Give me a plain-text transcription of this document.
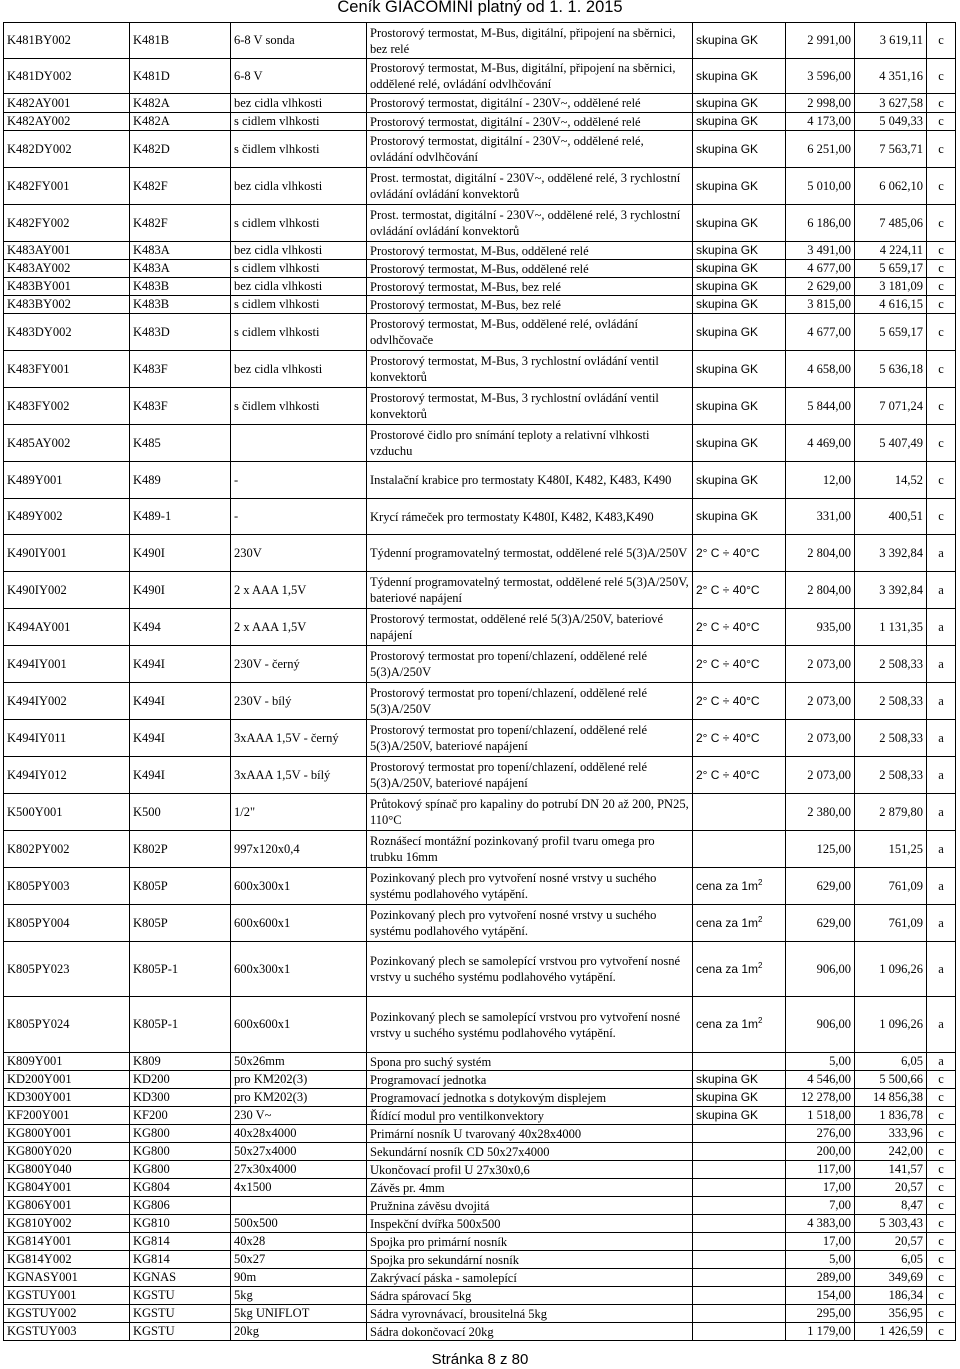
Ceník GIACOMINI platný od 1. 1. 2015
K481BY002	K481B	6-8 V sonda	Prostorový termostat, M-Bus, digitální, připojení na sběrnici, bez relé	skupina GK	2 991,00	3 619,11	c
K481DY002	K481D	6-8 V	Prostorový termostat, M-Bus, digitální, připojení na sběrnici, oddělené relé, ovládání odvlhčování	skupina GK	3 596,00	4 351,16	c
K482AY001	K482A	bez cidla vlhkosti	Prostorový termostat, digitální - 230V~, oddělené relé	skupina GK	2 998,00	3 627,58	c
K482AY002	K482A	s cidlem vlhkosti	Prostorový termostat, digitální - 230V~, oddělené relé	skupina GK	4 173,00	5 049,33	c
K482DY002	K482D	s čidlem vlhkosti	Prostorový termostat, digitální - 230V~, oddělené relé, ovládání odvlhčování	skupina GK	6 251,00	7 563,71	c
K482FY001	K482F	bez cidla vlhkosti	Prost. termostat, digitální - 230V~, oddělené relé, 3 rychlostní ovládání ovládání konvektorů	skupina GK	5 010,00	6 062,10	c
K482FY002	K482F	s cidlem vlhkosti	Prost. termostat, digitální - 230V~, oddělené relé, 3 rychlostní ovládání ovládání konvektorů	skupina GK	6 186,00	7 485,06	c
K483AY001	K483A	bez cidla vlhkosti	Prostorový termostat, M-Bus, oddělené relé	skupina GK	3 491,00	4 224,11	c
K483AY002	K483A	s cidlem vlhkosti	Prostorový termostat, M-Bus, oddělené relé	skupina GK	4 677,00	5 659,17	c
K483BY001	K483B	bez cidla vlhkosti	Prostorový termostat, M-Bus, bez relé	skupina GK	2 629,00	3 181,09	c
K483BY002	K483B	s cidlem vlhkosti	Prostorový termostat, M-Bus, bez relé	skupina GK	3 815,00	4 616,15	c
K483DY002	K483D	s cidlem vlhkosti	Prostorový termostat, M-Bus, oddělené relé, ovládání odvlhčovače	skupina GK	4 677,00	5 659,17	c
K483FY001	K483F	bez cidla vlhkosti	Prostorový termostat, M-Bus, 3 rychlostní ovládání ventil konvektorů	skupina GK	4 658,00	5 636,18	c
K483FY002	K483F	s čidlem vlhkosti	Prostorový termostat, M-Bus, 3 rychlostní ovládání ventil konvektorů	skupina GK	5 844,00	7 071,24	c
K485AY002	K485		Prostorové čidlo pro snímání teploty a relativní vlhkosti vzduchu	skupina GK	4 469,00	5 407,49	c
K489Y001	K489	-	Instalační krabice pro termostaty K480I, K482, K483, K490	skupina GK	12,00	14,52	c
K489Y002	K489-1	-	Krycí rámeček pro termostaty K480I, K482, K483,K490	skupina GK	331,00	400,51	c
K490IY001	K490I	230V	Týdenní programovatelný termostat, oddělené relé 5(3)A/250V	2° C ÷ 40°C	2 804,00	3 392,84	a
K490IY002	K490I	2 x AAA 1,5V	Týdenní programovatelný termostat, oddělené relé 5(3)A/250V, bateriové napájení	2° C ÷ 40°C	2 804,00	3 392,84	a
K494AY001	K494	2 x AAA 1,5V	Prostorový termostat, oddělené relé 5(3)A/250V, bateriové napájení	2° C ÷ 40°C	935,00	1 131,35	a
K494IY001	K494I	230V - černý	Prostorový termostat pro topení/chlazení, oddělené relé 5(3)A/250V	2° C ÷ 40°C	2 073,00	2 508,33	a
K494IY002	K494I	230V - bílý	Prostorový termostat pro topení/chlazení, oddělené relé 5(3)A/250V	2° C ÷ 40°C	2 073,00	2 508,33	a
K494IY011	K494I	3xAAA 1,5V - černý	Prostorový termostat pro topení/chlazení, oddělené relé 5(3)A/250V, bateriové napájení	2° C ÷ 40°C	2 073,00	2 508,33	a
K494IY012	K494I	3xAAA 1,5V - bílý	Prostorový termostat pro topení/chlazení, oddělené relé 5(3)A/250V, bateriové napájení	2° C ÷ 40°C	2 073,00	2 508,33	a
K500Y001	K500	1/2"	Průtokový spínač pro kapaliny do potrubí DN 20 až 200, PN25, 110°C		2 380,00	2 879,80	a
K802PY002	K802P	997x120x0,4	Roznášecí montážní pozinkovaný profil tvaru omega pro trubku 16mm		125,00	151,25	a
K805PY003	K805P	600x300x1	Pozinkovaný plech pro vytvoření nosné vrstvy u suchého systému podlahového vytápění.	cena za $1m^2$	629,00	761,09	a
K805PY004	K805P	600x600x1	Pozinkovaný plech pro vytvoření nosné vrstvy u suchého systému podlahového vytápění.	cena za $1m^2$	629,00	761,09	a
K805PY023	K805P-1	600x300x1	Pozinkovaný plech se samolepící vrstvou pro vytvoření nosné vrstvy u suchého systému podlahového vytápění.	cena za $1m^2$	906,00	1 096,26	a
K805PY024	K805P-1	600x600x1	Pozinkovaný plech se samolepící vrstvou pro vytvoření nosné vrstvy u suchého systému podlahového vytápění.	cena za $1m^2$	906,00	1 096,26	a
K809Y001	K809	50x26mm	Spona pro suchý systém		5,00	6,05	a
KD200Y001	KD200	pro KM202(3)	Programovací jednotka	skupina GK	4 546,00	5 500,66	c
KD300Y001	KD300	pro KM202(3)	Programovací jednotka s dotykovým displejem	skupina GK	12 278,00	14 856,38	c
KF200Y001	KF200	230 V~	Řídící modul pro ventilkonvektory	skupina GK	1 518,00	1 836,78	c
KG800Y001	KG800	40x28x4000	Primární nosník U tvarovaný 40x28x4000		276,00	333,96	c
KG800Y020	KG800	50x27x4000	Sekundární nosník CD 50x27x4000		200,00	242,00	c
KG800Y040	KG800	27x30x4000	Ukončovací profil U 27x30x0,6		117,00	141,57	c
KG804Y001	KG804	4x1500	Závěs pr. 4mm		17,00	20,57	c
KG806Y001	KG806		Pružnina závěsu dvojitá		7,00	8,47	c
KG810Y002	KG810	500x500	Inspekční dvířka 500x500		4 383,00	5 303,43	c
KG814Y001	KG814	40x28	Spojka pro primární nosník		17,00	20,57	c
KG814Y002	KG814	50x27	Spojka pro sekundární nosník		5,00	6,05	c
KGNASY001	KGNAS	90m	Zakrývací páska - samolepící		289,00	349,69	c
KGSTUY001	KGSTU	5kg	Sádra spárovací 5kg		154,00	186,34	c
KGSTUY002	KGSTU	5kg UNIFLOT	Sádra vyrovnávací, brousitelná 5kg		295,00	356,95	c
KGSTUY003	KGSTU	20kg	Sádra dokončovací 20kg		1 179,00	1 426,59	c
Stránka 8 z 80
